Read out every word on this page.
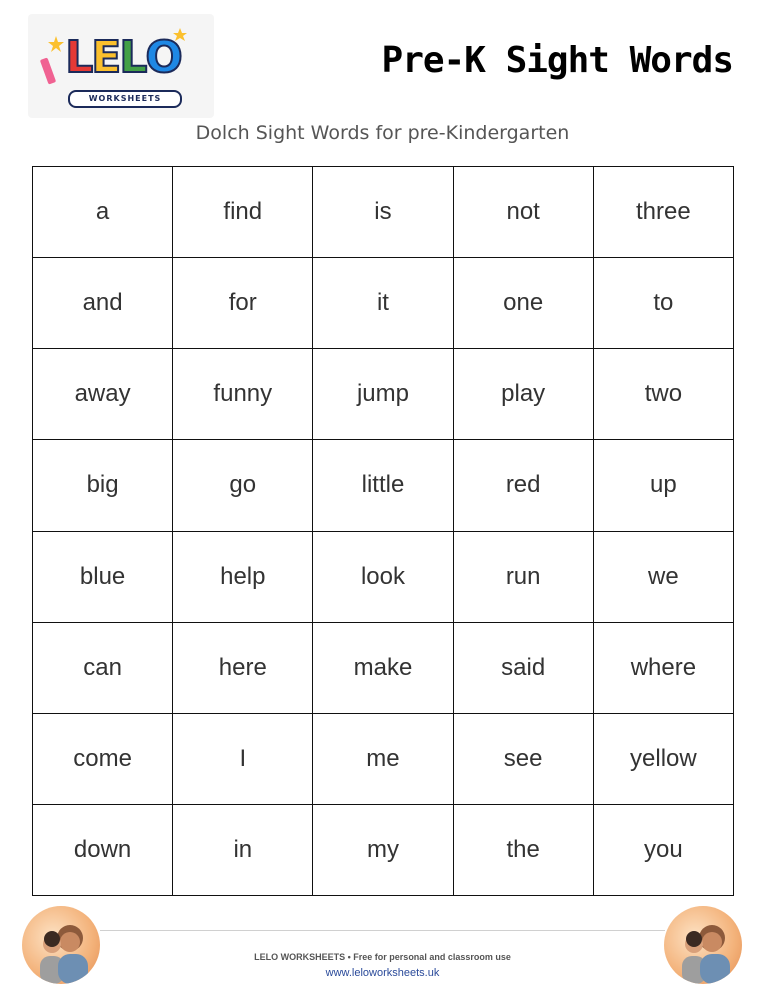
LELO
WORKSHEETS
Pre-K Sight Words
Dolch Sight Words for pre-Kindergarten
a	find	is	not	three
and	for	it	one	to
away	funny	jump	play	two
big	go	little	red	up
blue	help	look	run	we
can	here	make	said	where
come	I	me	see	yellow
down	in	my	the	you
LELO WORKSHEETS • Free for personal and classroom use
www.leloworksheets.uk
